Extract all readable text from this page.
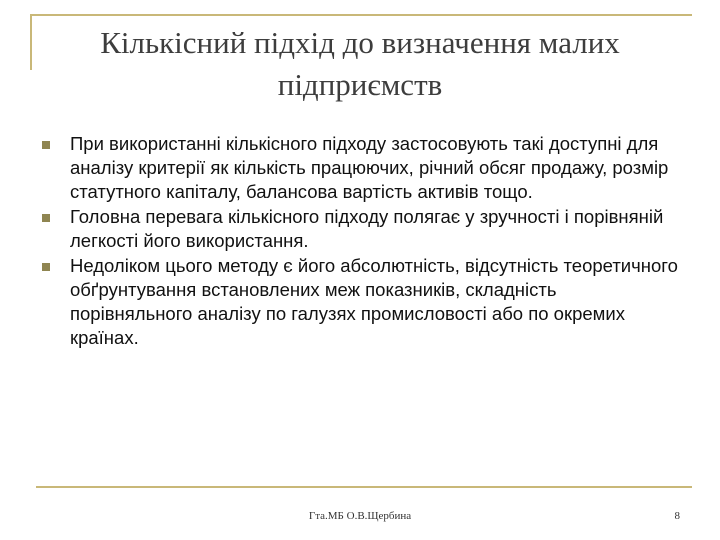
Кількісний підхід до визначення малих підприємств
При використанні кількісного підходу застосовують такі доступні для аналізу критерії як кількість працюючих, річний обсяг продажу, розмір статутного капіталу, балансова вартість активів тощо.
Головна перевага кількісного підходу полягає у зручності і порівняній легкості його використання.
Недоліком цього методу є його абсолютність, відсутність теоретичного обґрунтування встановлених меж показників, складність порівняльного аналізу по галузях промисловості або по окремих країнах.
Гта.МБ О.В.Щербина	8
